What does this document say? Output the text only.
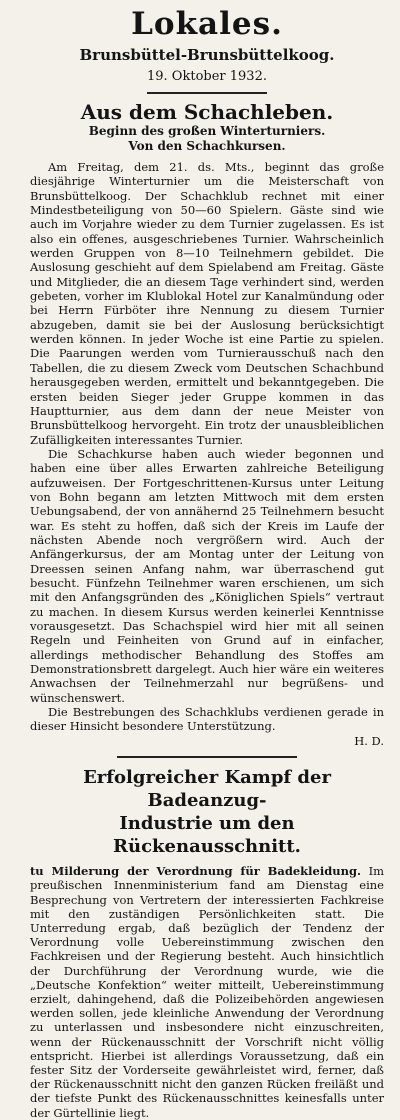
Lokales.
Brunsbüttel-Brunsbüttelkoog.
19. Oktober 1932.
Aus dem Schachleben.
Beginn des großen Winterturniers.
Von den Schachkursen.

Am Freitag, dem 21. ds. Mts., beginnt das große diesjährige Winterturnier um die Meisterschaft von Brunsbüttelkoog. Der Schachklub rechnet mit einer Mindestbeteiligung von 50—60 Spielern. Gäste sind wie auch im Vorjahre wieder zu dem Turnier zugelassen. Es ist also ein offenes, ausgeschriebenes Turnier. Wahrscheinlich werden Gruppen von 8—10 Teilnehmern gebildet. Die Auslosung geschieht auf dem Spielabend am Freitag. Gäste und Mitglieder, die an diesem Tage verhindert sind, werden gebeten, vorher im Klublokal Hotel zur Kanalmündung oder bei Herrn Fürböter ihre Nennung zu diesem Turnier abzugeben, damit sie bei der Auslosung berücksichtigt werden können. In jeder Woche ist eine Partie zu spielen. Die Paarungen werden vom Turnierausschuß nach den Tabellen, die zu diesem Zweck vom Deutschen Schachbund herausgegeben werden, ermittelt und bekanntgegeben. Die ersten beiden Sieger jeder Gruppe kommen in das Hauptturnier, aus dem dann der neue Meister von Brunsbüttelkoog hervorgeht. Ein trotz der unausbleiblichen Zufälligkeiten interessantes Turnier.

Die Schachkurse haben auch wieder begonnen und haben eine über alles Erwarten zahlreiche Beteiligung aufzuweisen. Der Fortgeschrittenen-Kursus unter Leitung von Bohn begann am letzten Mittwoch mit dem ersten Uebungsabend, der von annähernd 25 Teilnehmern besucht war. Es steht zu hoffen, daß sich der Kreis im Laufe der nächsten Abende noch vergrößern wird. Auch der Anfängerkursus, der am Montag unter der Leitung von Dreessen seinen Anfang nahm, war überraschend gut besucht. Fünfzehn Teilnehmer waren erschienen, um sich mit den Anfangsgründen des „Königlichen Spiels“ vertraut zu machen. In diesem Kursus werden keinerlei Kenntnisse vorausgesetzt. Das Schachspiel wird hier mit all seinen Regeln und Feinheiten von Grund auf in einfacher, allerdings methodischer Behandlung des Stoffes am Demonstrationsbrett dargelegt. Auch hier wäre ein weiteres Anwachsen der Teilnehmerzahl nur begrüßens- und wünschenswert.

Die Bestrebungen des Schachklubs verdienen gerade in dieser Hinsicht besondere Unterstützung.

H. D.
Erfolgreicher Kampf der Badeanzug-
Industrie um den Rückenausschnitt.

tu Milderung der Verordnung für Badekleidung. Im preußischen Innenministerium fand am Dienstag eine Besprechung von Vertretern der interessierten Fachkreise mit den zuständigen Persönlichkeiten statt. Die Unterredung ergab, daß bezüglich der Tendenz der Verordnung volle Uebereinstimmung zwischen den Fachkreisen und der Regierung besteht. Auch hinsichtlich der Durchführung der Verordnung wurde, wie die „Deutsche Konfektion“ weiter mitteilt, Uebereinstimmung erzielt, dahingehend, daß die Polizeibehörden angewiesen werden sollen, jede kleinliche Anwendung der Verordnung zu unterlassen und insbesondere nicht einzuschreiten, wenn der Rückenausschnitt der Vorschrift nicht völlig entspricht. Hierbei ist allerdings Voraussetzung, daß ein fester Sitz der Vorderseite gewährleistet wird, ferner, daß der Rückenausschnitt nicht den ganzen Rücken freiläßt und der tiefste Punkt des Rückenausschnittes keinesfalls unter der Gürtellinie liegt.
